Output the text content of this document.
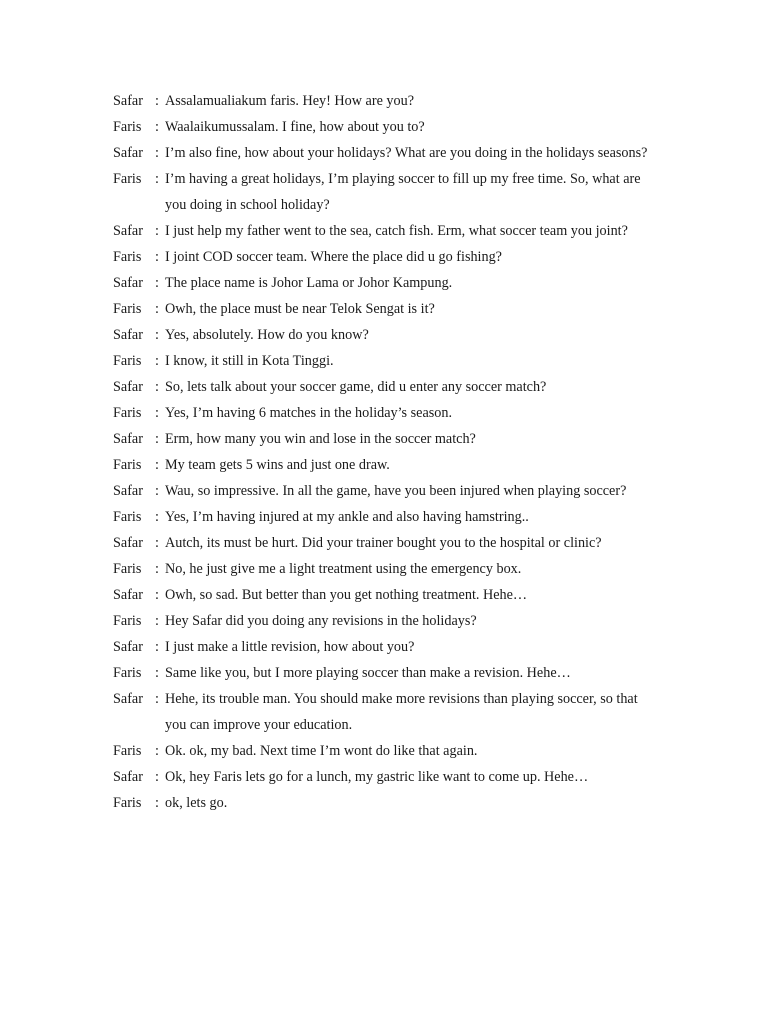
Safar : Assalamualiakum faris. Hey! How are you?
Faris : Waalaikumussalam. I fine, how about you to?
Safar : I’m also fine, how about your holidays? What are you doing in the holidays seasons?
Faris : I’m having a great holidays, I’m playing soccer to fill up my free time. So, what are you doing in school holiday?
Safar : I just help my father went to the sea, catch fish. Erm, what soccer team you joint?
Faris : I joint COD soccer team. Where the place did u go fishing?
Safar : The place name is Johor Lama or Johor Kampung.
Faris : Owh, the place must be near Telok Sengat is it?
Safar : Yes, absolutely. How do you know?
Faris : I know, it still in Kota Tinggi.
Safar : So, lets talk about your soccer game, did u enter any soccer match?
Faris : Yes, I’m having 6 matches in the holiday’s season.
Safar : Erm, how many you win and lose in the soccer match?
Faris : My team gets 5 wins and just one draw.
Safar : Wau, so impressive. In all the game, have you been injured when playing soccer?
Faris : Yes, I’m having injured at my ankle and also having hamstring..
Safar : Autch, its must be hurt. Did your trainer bought you to the hospital or clinic?
Faris : No, he just give me a light treatment using the emergency box.
Safar : Owh, so sad. But better than you get nothing treatment. Hehe…
Faris : Hey Safar did you doing any revisions in the holidays?
Safar : I just make a little revision, how about you?
Faris : Same like you, but I more playing soccer than make a revision. Hehe…
Safar : Hehe, its trouble man. You should make more revisions than playing soccer, so that you can improve your education.
Faris : Ok. ok, my bad. Next time I’m wont do like that again.
Safar : Ok, hey Faris lets go for a lunch, my gastric like want to come up. Hehe…
Faris : ok, lets go.
